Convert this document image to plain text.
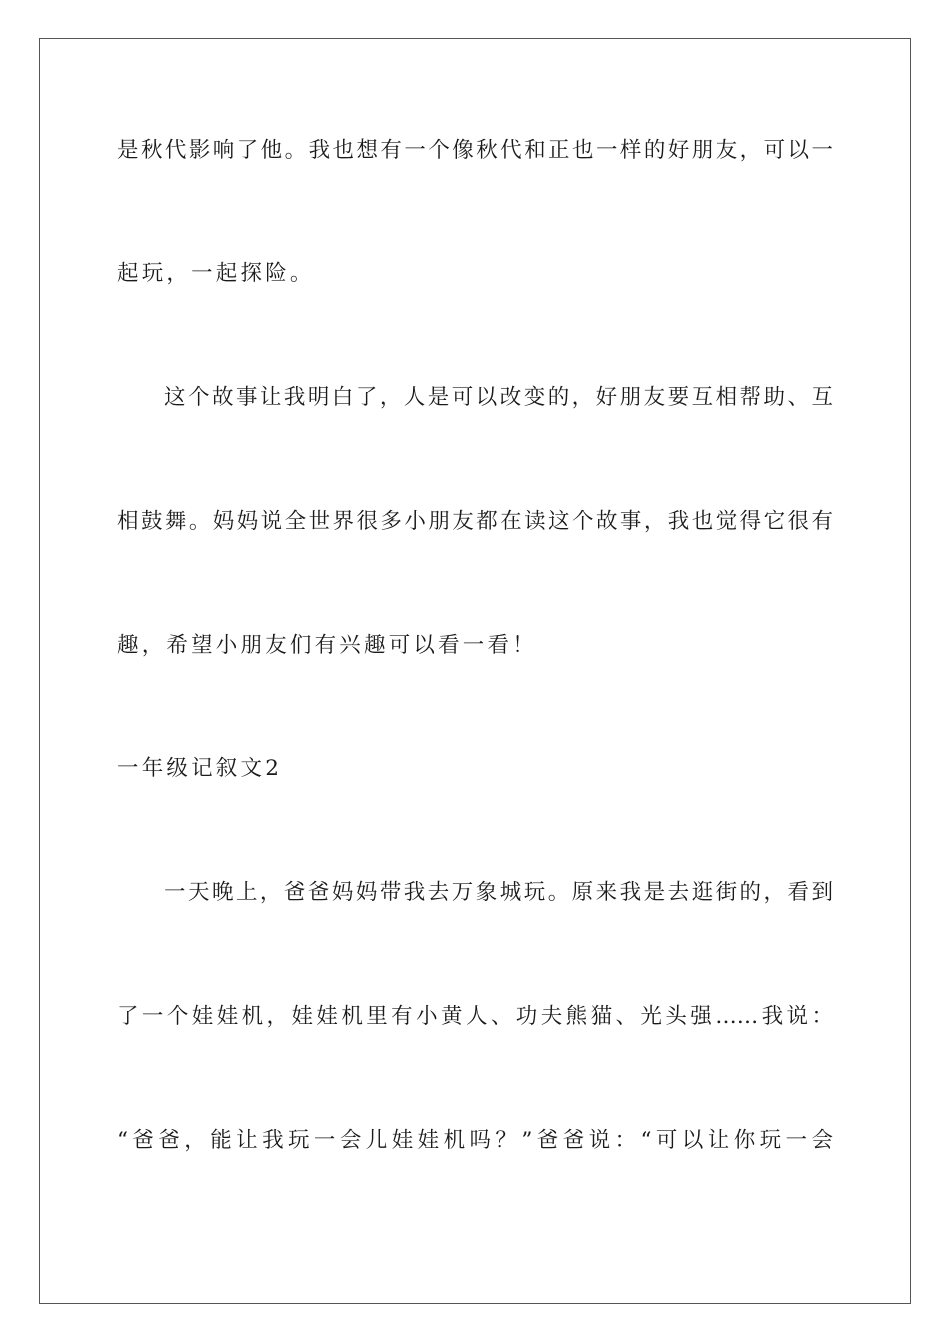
是秋代影响了他。我也想有一个像秋代和正也一样的好朋友，可以一
起玩，一起探险。
这个故事让我明白了，人是可以改变的，好朋友要互相帮助、互
相鼓舞。妈妈说全世界很多小朋友都在读这个故事，我也觉得它很有
趣，希望小朋友们有兴趣可以看一看！
一年级记叙文2
一天晚上，爸爸妈妈带我去万象城玩。原来我是去逛街的，看到
了一个娃娃机，娃娃机里有小黄人、功夫熊猫、光头强……我说：
“爸爸，能让我玩一会儿娃娃机吗？”爸爸说：“可以让你玩一会
